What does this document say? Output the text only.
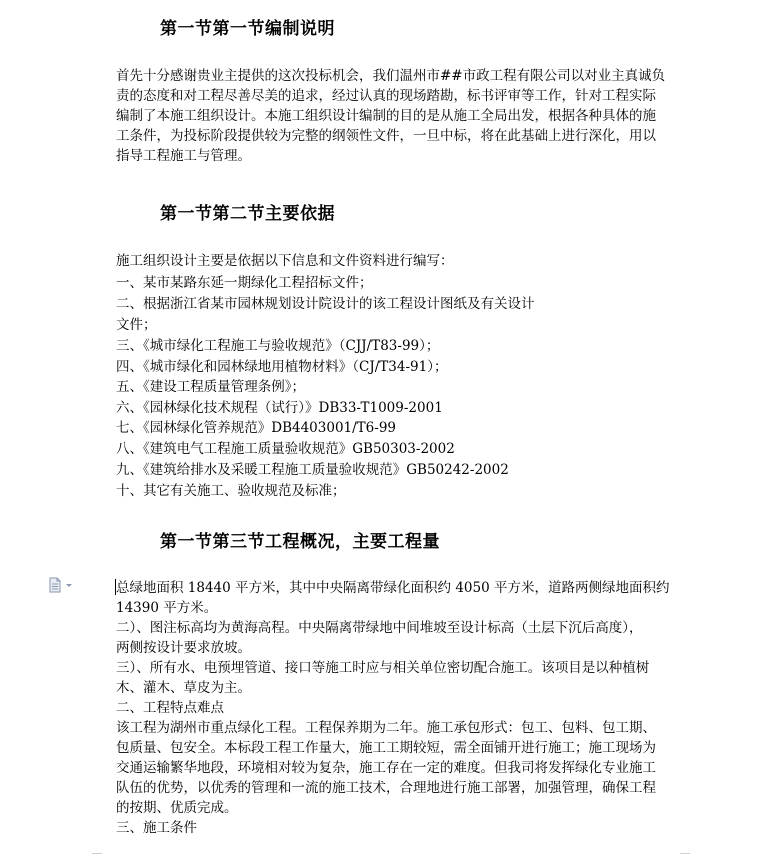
第一节第一节编制说明
首先十分感谢贵业主提供的这次投标机会，我们温州市##市政工程有限公司以对业主真诚负
责的态度和对工程尽善尽美的追求，经过认真的现场踏勘，标书评审等工作，针对工程实际
编制了本施工组织设计。本施工组织设计编制的目的是从施工全局出发，根据各种具体的施
工条件，为投标阶段提供较为完整的纲领性文件，一旦中标，将在此基础上进行深化，用以
指导工程施工与管理。
第一节第二节主要依据
施工组织设计主要是依据以下信息和文件资料进行编写：
一、某市某路东延一期绿化工程招标文件；
二、根据浙江省某市园林规划设计院设计的该工程设计图纸及有关设计
文件；
三、《城市绿化工程施工与验收规范》（CJJ/T83-99）；
四、《城市绿化和园林绿地用植物材料》（CJ/T34-91）；
五、《建设工程质量管理条例》；
六、《园林绿化技术规程（试行）》DB33-T1009-2001
七、《园林绿化管养规范》DB4403001/T6-99
八、《建筑电气工程施工质量验收规范》GB50303-2002
九、《建筑给排水及采暖工程施工质量验收规范》GB50242-2002
十、其它有关施工、验收规范及标准；
第一节第三节工程概况，主要工程量
总绿地面积 18440 平方米，其中中央隔离带绿化面积约 4050 平方米，道路两侧绿地面积约
14390 平方米。
二）、图注标高均为黄海高程。中央隔离带绿地中间堆坡至设计标高（土层下沉后高度），
两侧按设计要求放坡。
三）、所有水、电预埋管道、接口等施工时应与相关单位密切配合施工。该项目是以种植树
木、灌木、草皮为主。
二、工程特点难点
该工程为湖州市重点绿化工程。工程保养期为二年。施工承包形式：包工、包料、包工期、
包质量、包安全。本标段工程工作量大，施工工期较短，需全面铺开进行施工；施工现场为
交通运输繁华地段，环境相对较为复杂，施工存在一定的难度。但我司将发挥绿化专业施工
队伍的优势，以优秀的管理和一流的施工技术，合理地进行施工部署，加强管理，确保工程
的按期、优质完成。
三、施工条件
